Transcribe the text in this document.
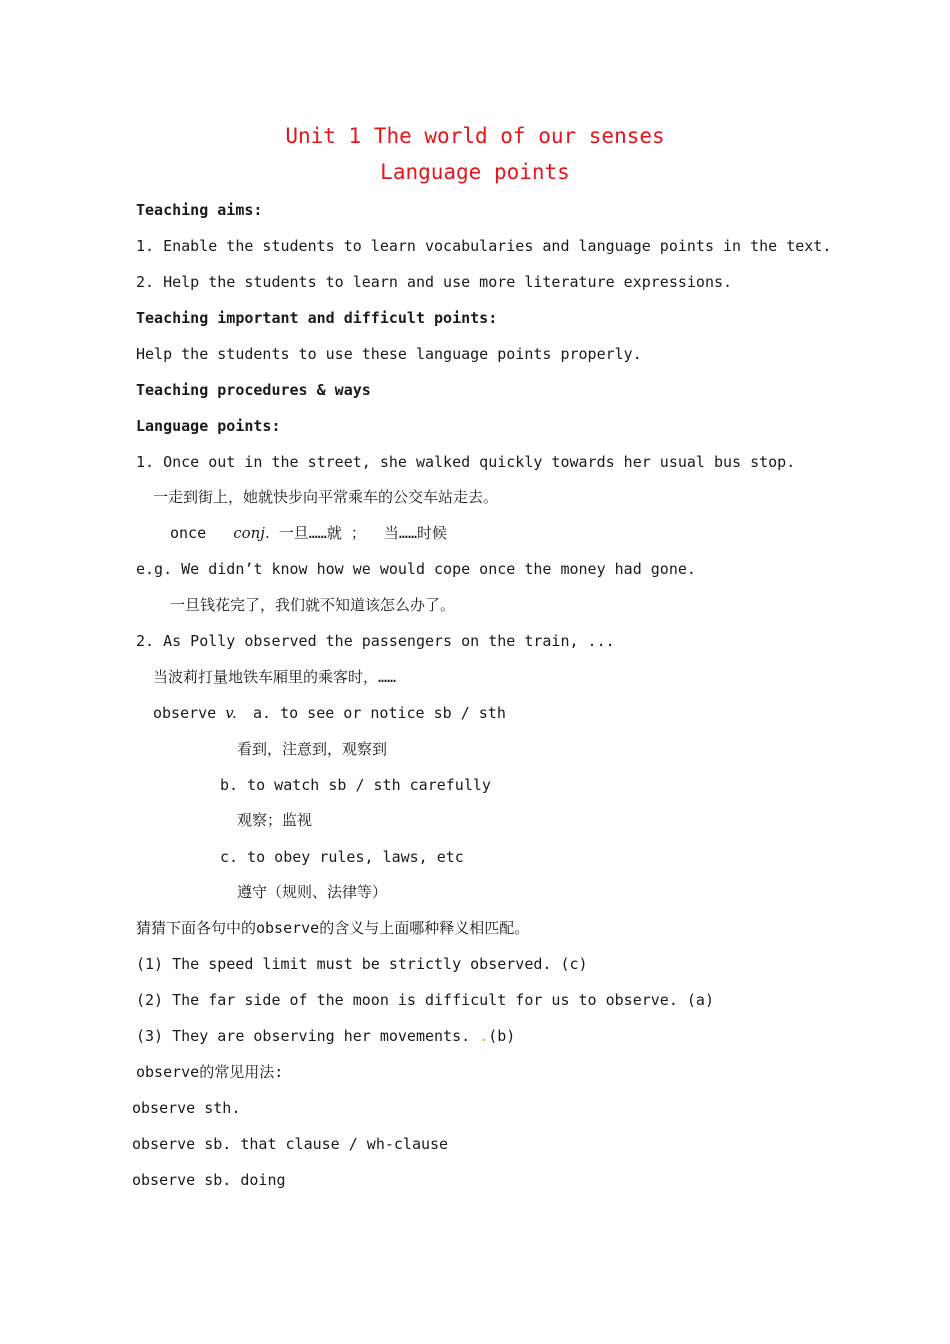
Unit 1 The world of our senses
Language points
Teaching aims:
1. Enable the students to learn vocabularies and language points in the text.
2. Help the students to learn and use more literature expressions.
Teaching important and difficult points:
Help the students to use these language points properly.
Teaching procedures & ways
Language points:
1. Once out in the street, she walked quickly towards her usual bus stop.
一走到街上，她就快步向平常乘车的公交车站走去。
once conj. 一旦……就 ；  当……时候
e.g. We didn’t know how we would cope once the money had gone.
一旦钱花完了，我们就不知道该怎么办了。
2. As Polly observed the passengers on the train, ...
当波莉打量地铁车厢里的乘客时，……
observe v. a. to see or notice sb / sth
看到，注意到，观察到
b. to watch sb / sth carefully
观察；监视
c. to obey rules, laws, etc
遵守（规则、法律等）
猜猜下面各句中的observe的含义与上面哪种释义相匹配。
(1) The speed limit must be strictly observed. (c)
(2) The far side of the moon is difficult for us to observe. (a)
(3) They are observing her movements. .(b)
observe的常见用法:
observe sth.
observe sb. that clause / wh-clause
observe sb. doing
